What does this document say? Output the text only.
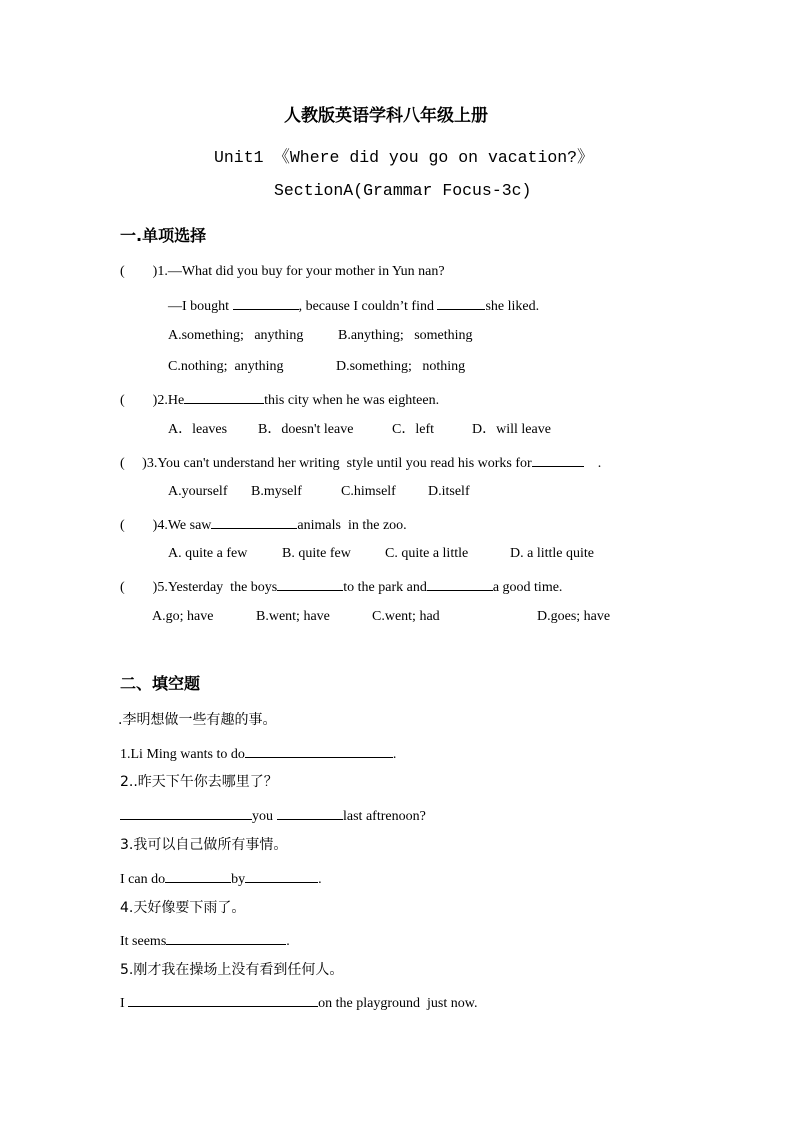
人教版英语学科八年级上册
Unit1 《Where did you go on vacation?》
SectionA(Grammar Focus-3c)
一.单项选择
(        )1.—What did you buy for your mother in Yun nan?
—I bought	, because I couldn’t find	she liked.
A.something;   anything B.anything;   something
C.nothing;  anything	D.something;   nothing
(        )2.He	this city when he was eighteen.
A．leaves B．doesn't leave	C．left	D．will leave
(     )3.You can't understand her writing  style until you read his works for	.
A.yourself B.myself	C.himself D.itself
(        )4.We saw	animals  in the zoo.
A. quite a few B. quite few C. quite a little	D. a little quite
(        )5.Yesterday  the boys	to the park and	a good time.
A.go; have	B.went; have	C.went; had	D.goes; have
二、填空题
.李明想做一些有趣的事。
1.Li Ming wants to do	.
2..昨天下午你去哪里了？
you	last aftrenoon?
3.我可以自己做所有事情。
I can do	by	.
4.天好像要下雨了。
It seems	.
5.刚才我在操场上没有看到任何人。
I	on the playground  just now.
